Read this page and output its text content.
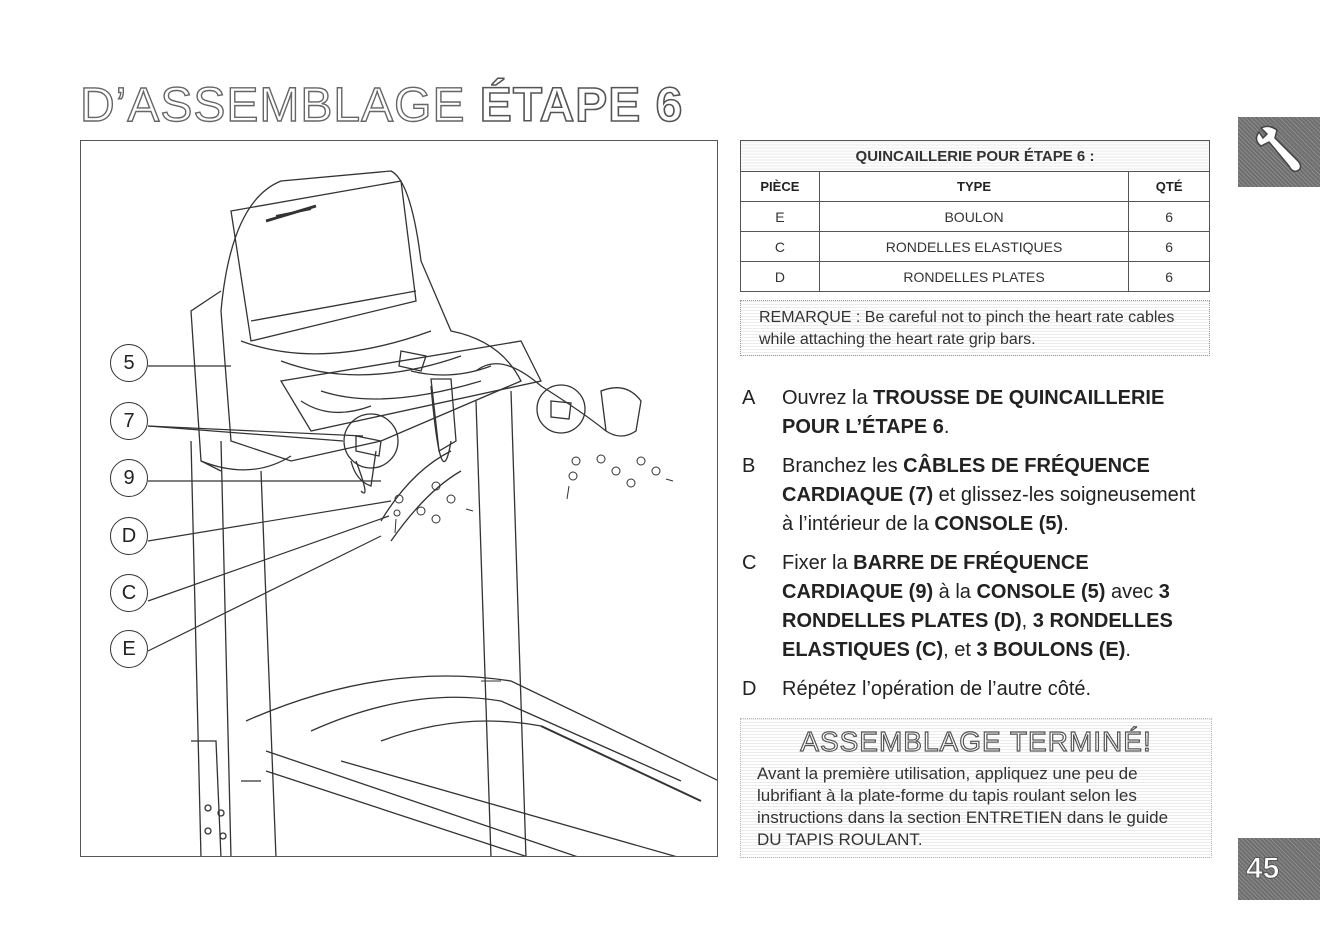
D’ASSEMBLAGE ÉTAPE 6
5
7
9
D
C
E
QUINCAILLERIE POUR ÉTAPE 6 :		
PIÈCE	TYPE	QTÉ
E	BOULON	6
C	RONDELLES ELASTIQUES	6
D	RONDELLES PLATES	6
REMARQUE : Be careful not to pinch the heart rate cables while attaching the heart rate grip bars.
A Ouvrez la TROUSSE DE QUINCAILLERIE POUR L’ÉTAPE 6.
B Branchez les CÂBLES DE FRÉQUENCE CARDIAQUE (7) et glissez-les soigneusement à l’intérieur de la CONSOLE (5).
C Fixer la BARRE DE FRÉQUENCE CARDIAQUE (9) à la CONSOLE (5) avec 3 RONDELLES PLATES (D), 3 RONDELLES ELASTIQUES (C), et 3 BOULONS (E).
D Répétez l’opération de l’autre côté.
ASSEMBLAGE TERMINÉ!
Avant la première utilisation, appliquez une peu de lubrifiant à la plate-forme du tapis roulant selon les instructions dans la section ENTRETIEN dans le guide DU TAPIS ROULANT.
45
